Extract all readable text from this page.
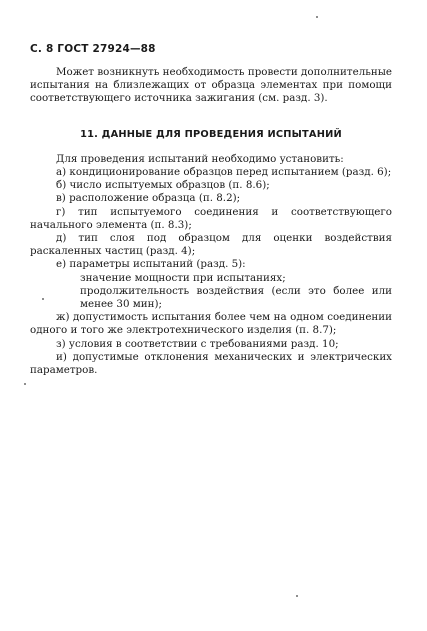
С. 8 ГОСТ 27924—88

Может возникнуть необходимость провести дополнительные испытания на близлежащих от образца элементах при помощи соответствующего источника зажигания (см. разд. 3).

11. ДАННЫЕ ДЛЯ ПРОВЕДЕНИЯ ИСПЫТАНИЙ

Для проведения испытаний необходимо установить:

а) кондиционирование образцов перед испытанием (разд. 6);
б) число испытуемых образцов (п. 8.6);
в) расположение образца (п. 8.2);
г) тип испытуемого соединения и соответствующего начального элемента (п. 8.3);
д) тип слоя под образцом для оценки воздействия раскаленных частиц (разд. 4);
е) параметры испытаний (разд. 5):
значение мощности при испытаниях;
продолжительность воздействия (если это более или менее 30 мин);
ж) допустимость испытания более чем на одном соединении одного и того же электротехнического изделия (п. 8.7);
з) условия в соответствии с требованиями разд. 10;
и) допустимые отклонения механических и электрических параметров.
